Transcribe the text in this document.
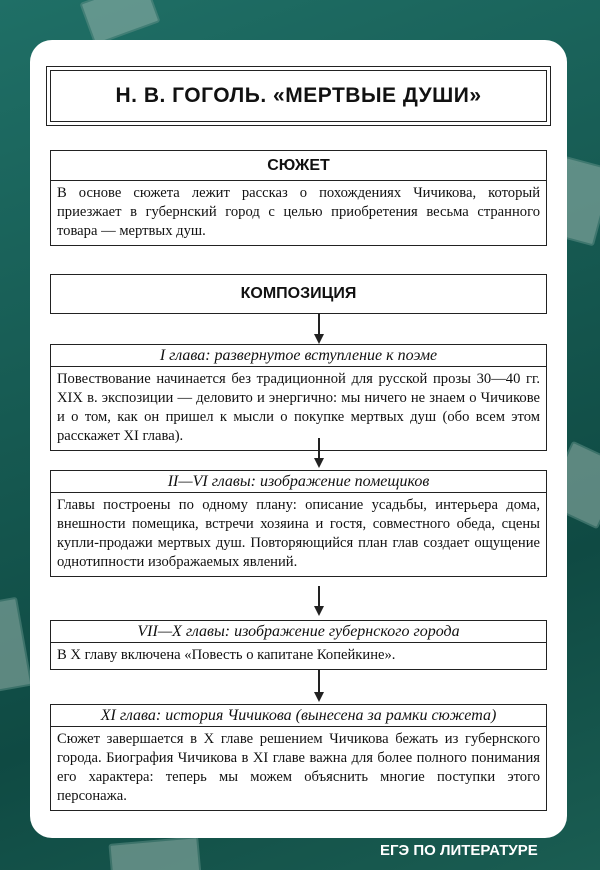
Н. В. ГОГОЛЬ. «МЕРТВЫЕ ДУШИ»
СЮЖЕТ
В основе сюжета лежит рассказ о похождениях Чичикова, который приезжает в губернский город с целью приобретения весьма странного товара — мертвых душ.
КОМПОЗИЦИЯ
I глава: развернутое вступление к поэме
Повествование начинается без традиционной для русской прозы 30—40 гг. XIX в. экспозиции — деловито и энергично: мы ничего не знаем о Чичикове и о том, как он пришел к мысли о покупке мертвых душ (обо всем этом расскажет XI глава).
II—VI главы: изображение помещиков
Главы построены по одному плану: описание усадьбы, интерьера дома, внешности помещика, встречи хозяина и гостя, совместного обеда, сцены купли-продажи мертвых душ. Повторяющийся план глав создает ощущение однотипности изображаемых явлений.
VII—X главы: изображение губернского города
В X главу включена «Повесть о капитане Копейкине».
XI глава: история Чичикова (вынесена за рамки сюжета)
Сюжет завершается в X главе решением Чичикова бежать из губернского города. Биография Чичикова в XI главе важна для более полного понимания его характера: теперь мы можем объяснить многие поступки этого персонажа.
ЕГЭ ПО ЛИТЕРАТУРЕ
